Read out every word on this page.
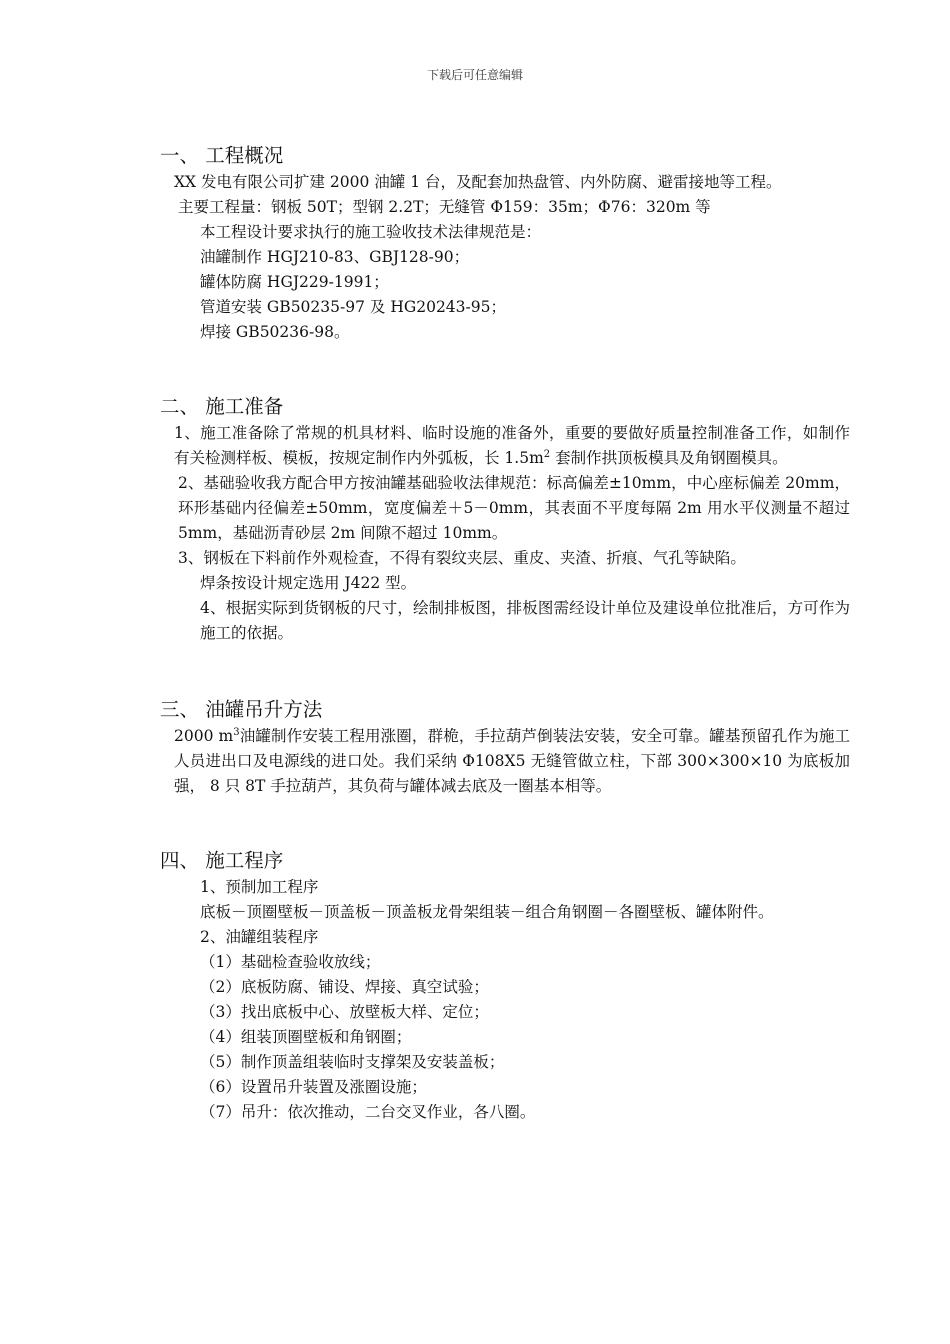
下载后可任意编辑
一、 工程概况

XX 发电有限公司扩建 2000 油罐 1 台，及配套加热盘管、内外防腐、避雷接地等工程。

主要工程量：钢板 50T；型钢 2.2T；无缝管 Φ159：35m；Φ76：320m 等

本工程设计要求执行的施工验收技术法律规范是：

油罐制作 HGJ210-83、GBJ128-90；

罐体防腐 HGJ229-1991；

管道安装 GB50235-97 及 HG20243-95；

焊接 GB50236-98。

二、 施工准备

1、施工准备除了常规的机具材料、临时设施的准备外，重要的要做好质量控制准备工作，如制作有关检测样板、模板，按规定制作内外弧板，长 $1.5m^2$ 套制作拱顶板模具及角钢圈模具。

2、基础验收我方配合甲方按油罐基础验收法律规范：标高偏差±10mm，中心座标偏差 20mm，环形基础内径偏差±50mm，宽度偏差＋5－0mm，其表面不平度每隔 2m 用水平仪测量不超过 5mm，基础沥青砂层 2m 间隙不超过 10mm。

3、钢板在下料前作外观检查，不得有裂纹夹层、重皮、夹渣、折痕、气孔等缺陷。

焊条按设计规定选用 J422 型。

4、根据实际到货钢板的尺寸，绘制排板图，排板图需经设计单位及建设单位批准后，方可作为施工的依据。

三、 油罐吊升方法

2000 $m^3$油罐制作安装工程用涨圈，群桅，手拉葫芦倒装法安装，安全可靠。罐基预留孔作为施工人员进出口及电源线的进口处。我们采纳 Φ108X5 无缝管做立柱，下部 300×300×10 为底板加强， 8 只 8T 手拉葫芦，其负荷与罐体减去底及一圈基本相等。

四、 施工程序

1、预制加工程序

底板－顶圈壁板－顶盖板－顶盖板龙骨架组装－组合角钢圈－各圈壁板、罐体附件。

2、油罐组装程序

（1）基础检查验收放线；

（2）底板防腐、铺设、焊接、真空试验；

（3）找出底板中心、放壁板大样、定位；

（4）组装顶圈壁板和角钢圈；

（5）制作顶盖组装临时支撑架及安装盖板；

（6）设置吊升装置及涨圈设施；

（7）吊升：依次推动，二台交叉作业，各八圈。
